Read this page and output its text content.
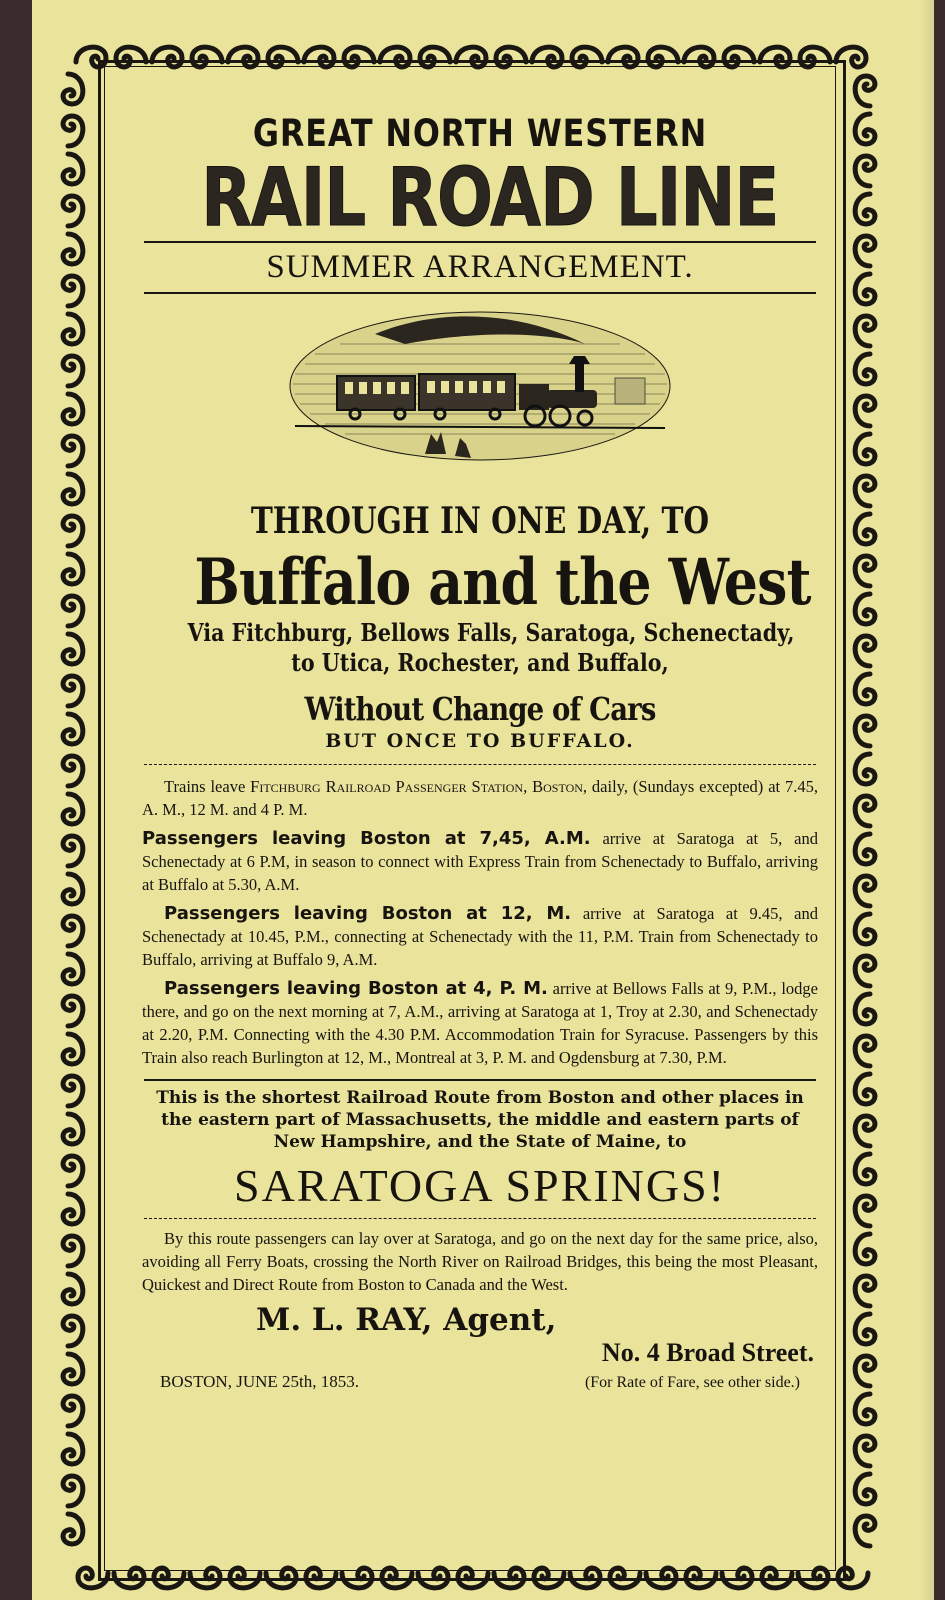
GREAT NORTH WESTERN
RAIL ROAD LINE
SUMMER ARRANGEMENT.
THROUGH IN ONE DAY, TO
Buffalo and the West
Via Fitchburg, Bellows Falls, Saratoga, Schenectady,
to Utica, Rochester, and Buffalo,
Without Change of Cars
BUT ONCE TO BUFFALO.

Trains leave Fitchburg Railroad Passenger Station, Boston, daily, (Sundays excepted) at 7.45, A. M., 12 M. and 4 P. M.

Passengers leaving Boston at 7,45, A.M. arrive at Saratoga at 5, and Schenectady at 6 P.M, in season to connect with Express Train from Schenectady to Buffalo, arriving at Buffalo at 5.30, A.M.

Passengers leaving Boston at 12, M. arrive at Saratoga at 9.45, and Schenectady at 10.45, P.M., connecting at Schenectady with the 11, P.M. Train from Schenectady to Buffalo, arriving at Buffalo 9, A.M.

Passengers leaving Boston at 4, P. M. arrive at Bellows Falls at 9, P.M., lodge there, and go on the next morning at 7, A.M., arriving at Saratoga at 1, Troy at 2.30, and Schenectady at 2.20, P.M. Connecting with the 4.30 P.M. Accommodation Train for Syracuse. Passengers by this Train also reach Burlington at 12, M., Montreal at 3, P. M. and Ogdensburg at 7.30, P.M.

This is the shortest Railroad Route from Boston and other places in the eastern part of Massachusetts, the middle and eastern parts of New Hampshire, and the State of Maine, to
SARATOGA SPRINGS!

By this route passengers can lay over at Saratoga, and go on the next day for the same price, also, avoiding all Ferry Boats, crossing the North River on Railroad Bridges, this being the most Pleasant, Quickest and Direct Route from Boston to Canada and the West.

M. L. RAY, Agent,
No. 4 Broad Street.
BOSTON, JUNE 25th, 1853.	(For Rate of Fare, see other side.)
